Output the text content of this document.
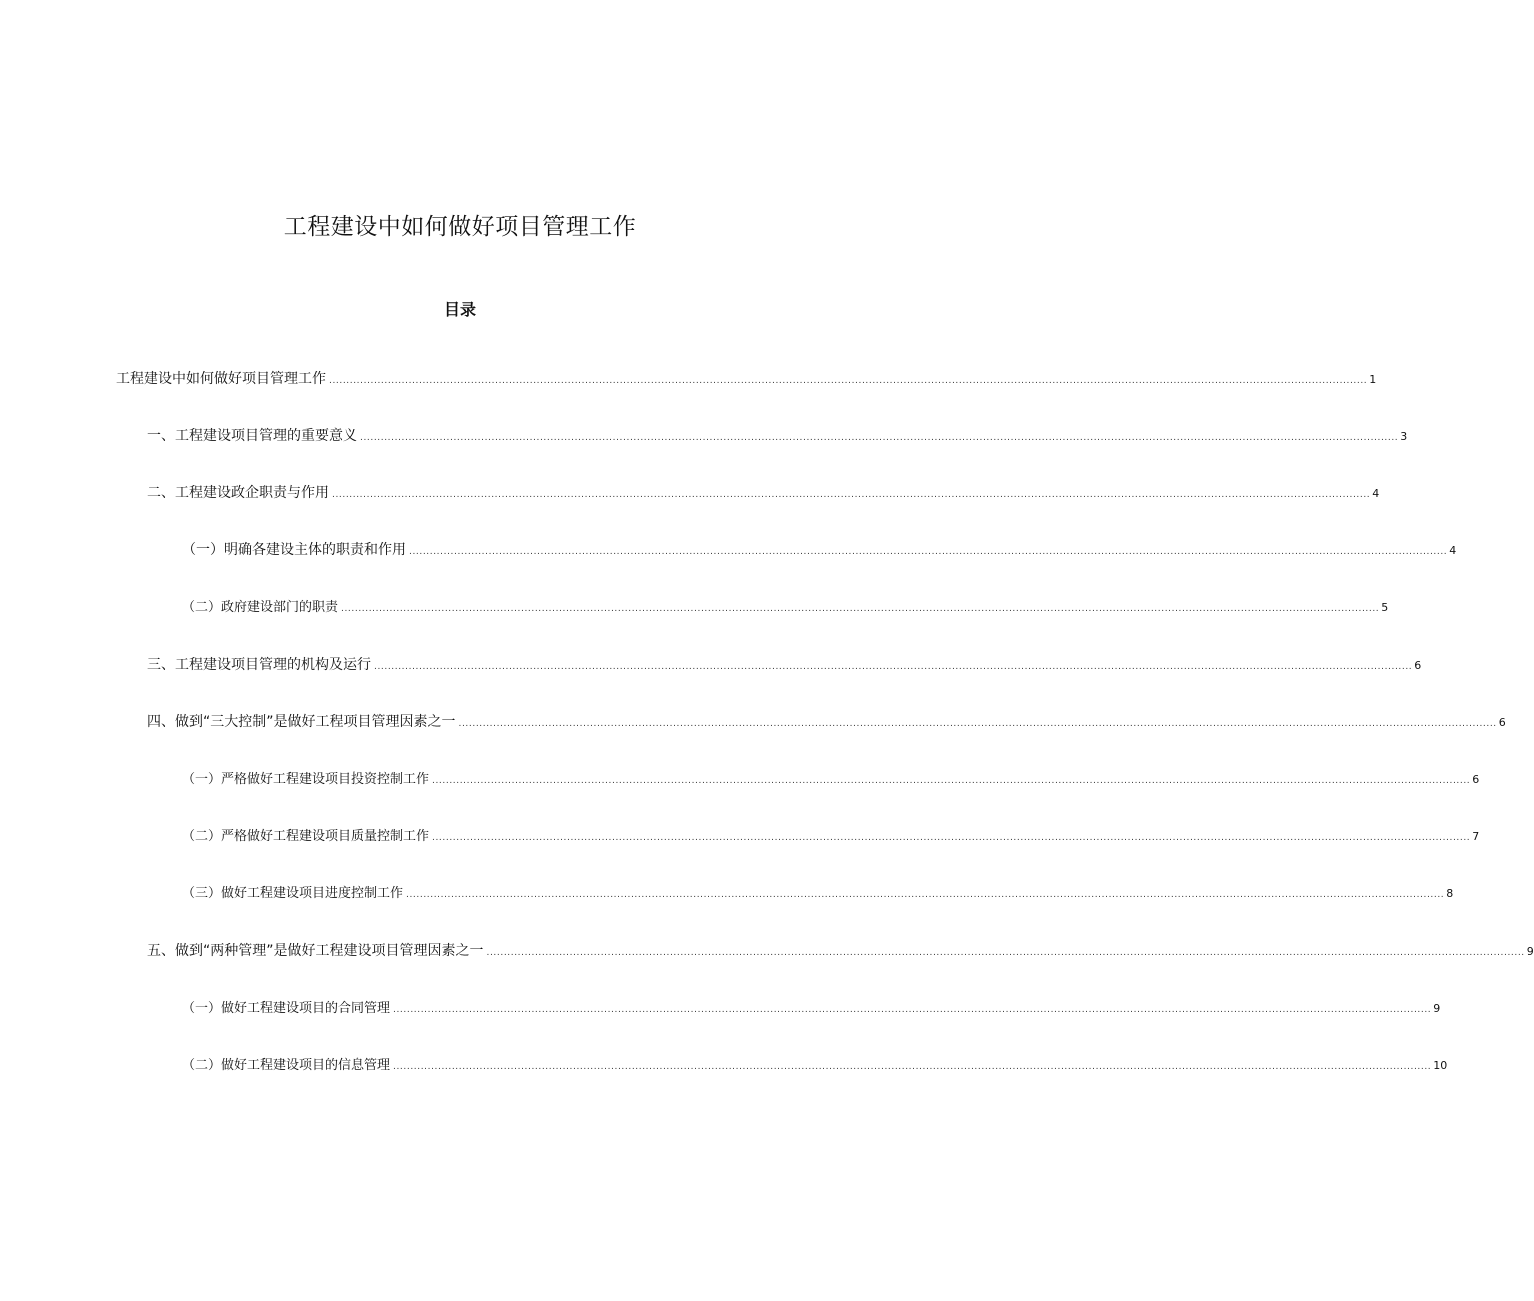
工程建设中如何做好项目管理工作
目录
工程建设中如何做好项目管理工作 ............................................................................................................................................................................................................................................................................................................ 1
一、工程建设项目管理的重要意义 ............................................................................................................................................................................................................................................................................................................ 3
二、工程建设政企职责与作用 ............................................................................................................................................................................................................................................................................................................ 4
（一）明确各建设主体的职责和作用 ............................................................................................................................................................................................................................................................................................................ 4
（二）政府建设部门的职责 ............................................................................................................................................................................................................................................................................................................ 5
三、工程建设项目管理的机构及运行 ............................................................................................................................................................................................................................................................................................................ 6
四、做到“三大控制”是做好工程项目管理因素之一 ............................................................................................................................................................................................................................................................................................................ 6
（一）严格做好工程建设项目投资控制工作 ............................................................................................................................................................................................................................................................................................................ 6
（二）严格做好工程建设项目质量控制工作 ............................................................................................................................................................................................................................................................................................................ 7
（三）做好工程建设项目进度控制工作 ............................................................................................................................................................................................................................................................................................................ 8
五、做到“两种管理”是做好工程建设项目管理因素之一 ............................................................................................................................................................................................................................................................................................................ 9
（一）做好工程建设项目的合同管理 ............................................................................................................................................................................................................................................................................................................ 9
（二）做好工程建设项目的信息管理 ............................................................................................................................................................................................................................................................................................................ 10
